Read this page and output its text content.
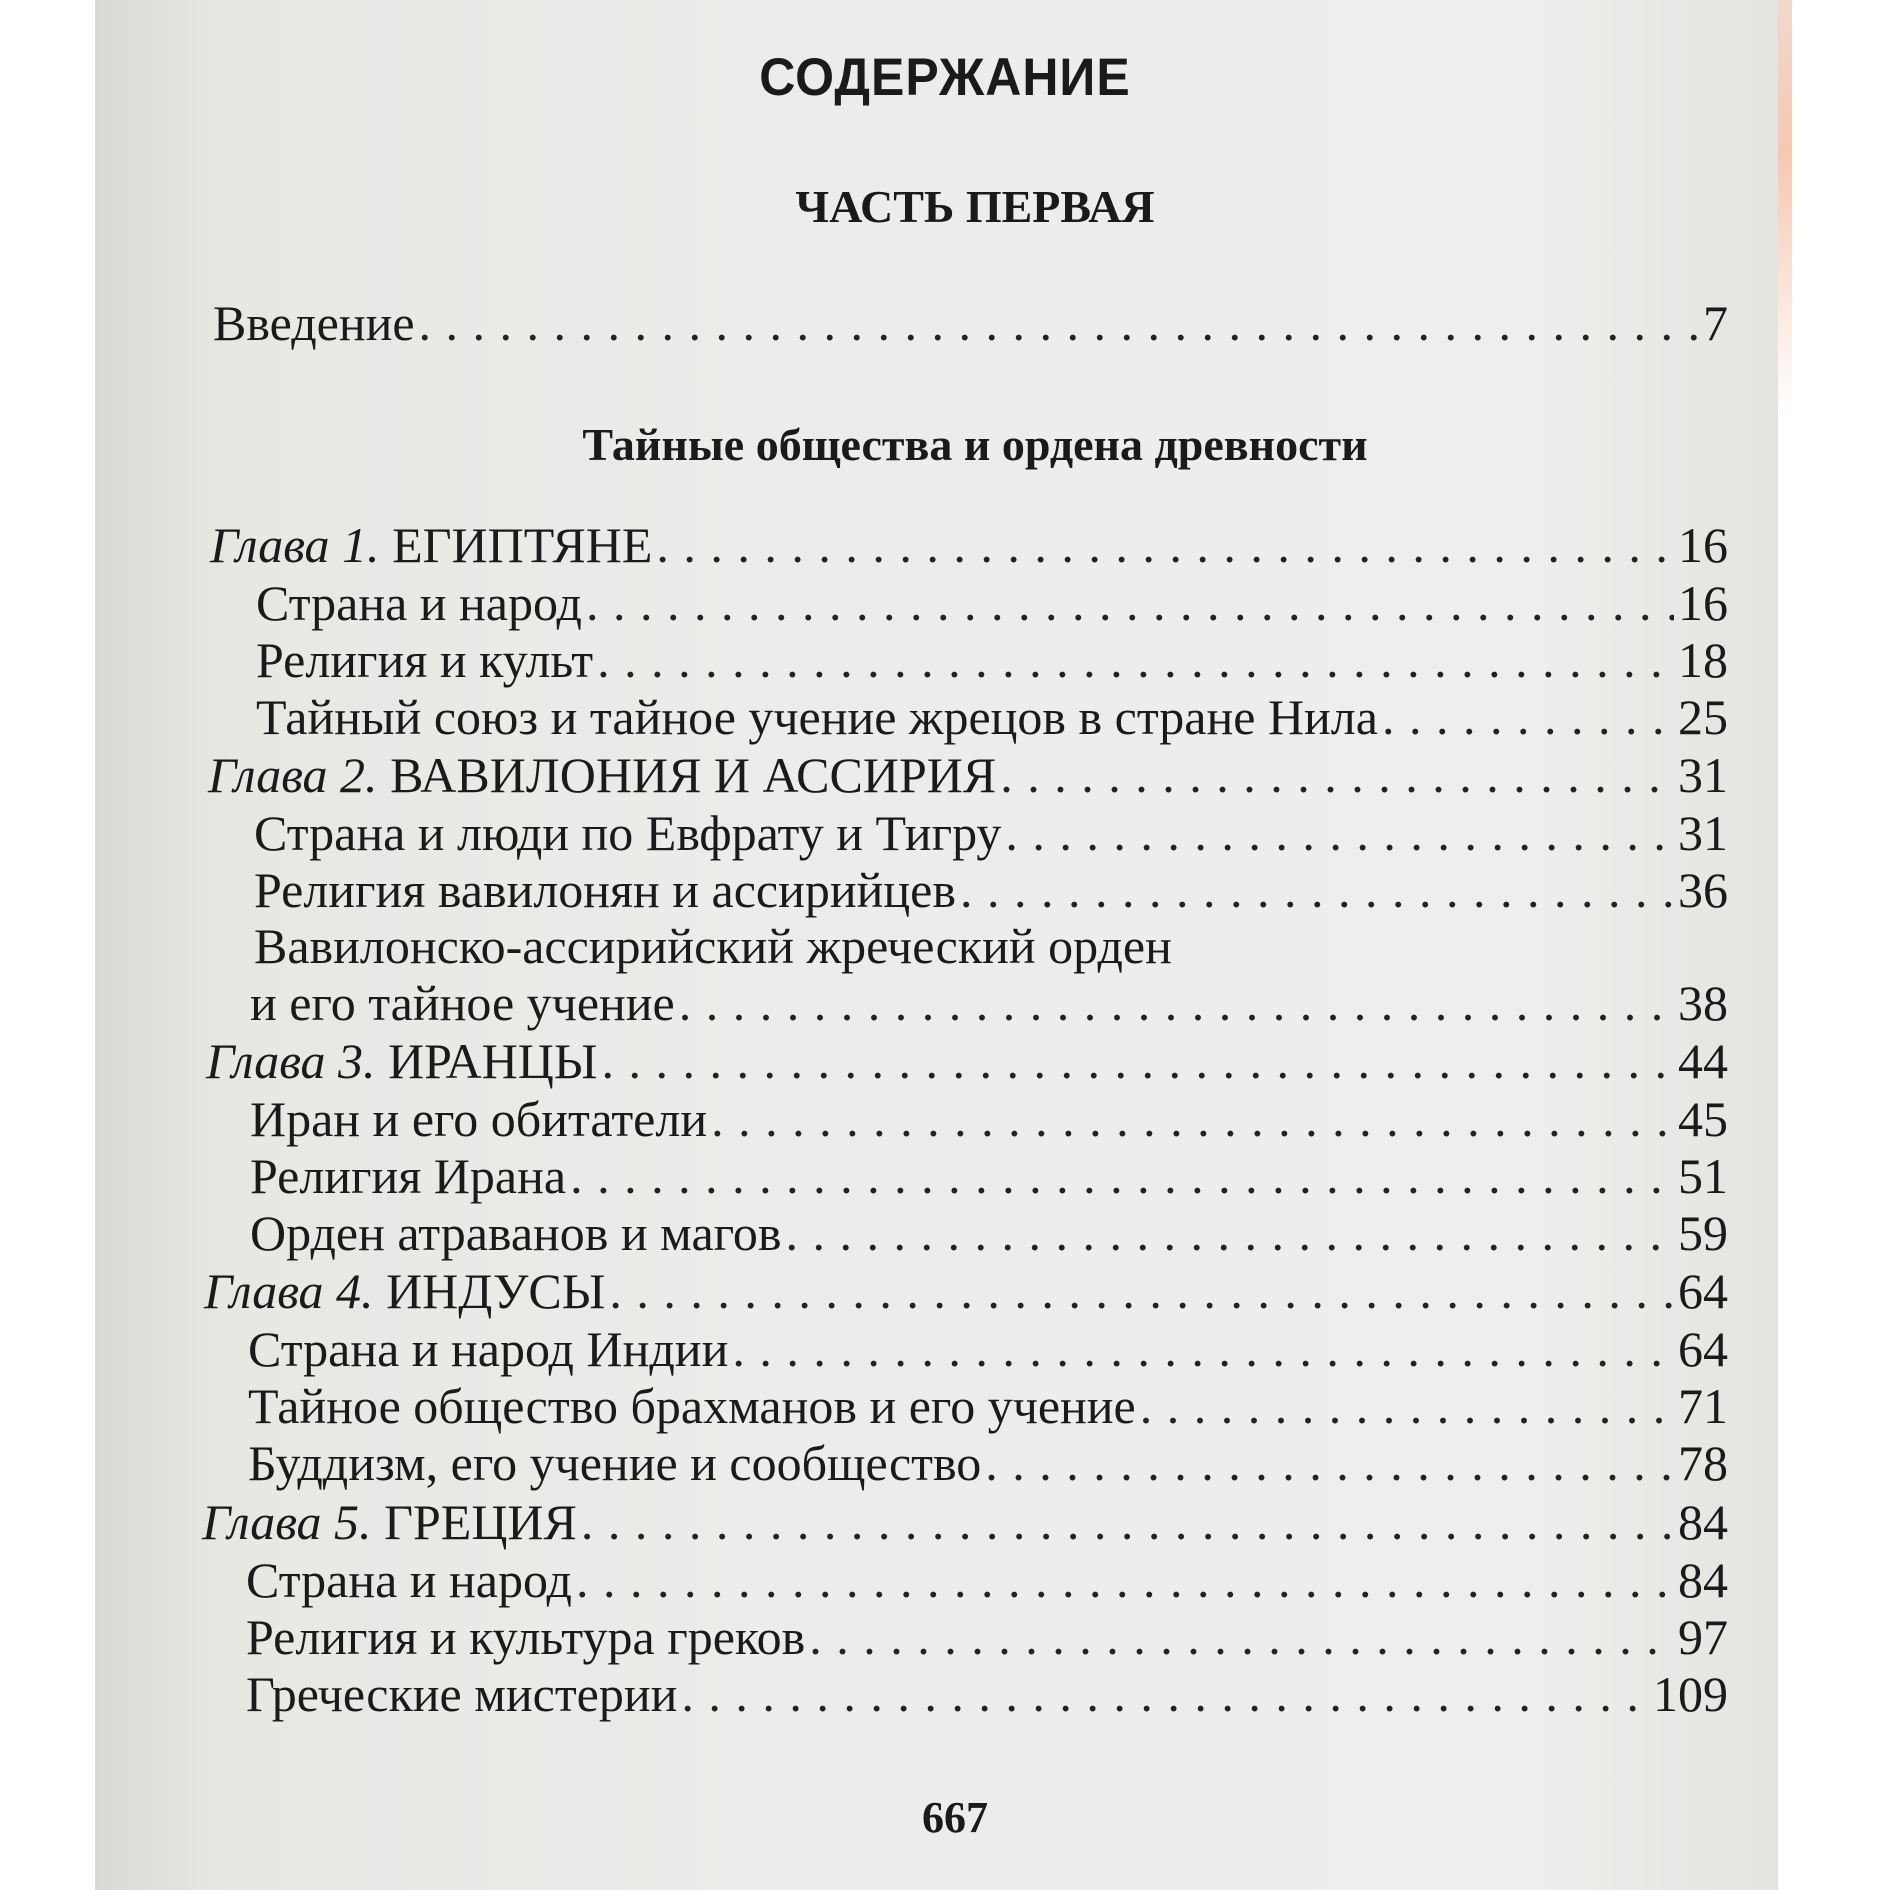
СОДЕРЖАНИЕ
ЧАСТЬ ПЕРВАЯ
Введение . . .	7
Тайные общества и ордена древности
Глава 1. ЕГИПТЯНЕ . . .	16
Страна и народ . . .	16
Религия и культ . . .	18
Тайный союз и тайное учение жрецов в стране Нила . . .	25
Глава 2. ВАВИЛОНИЯ И АССИРИЯ . . .	31
Страна и люди по Евфрату и Тигру . . .	31
Религия вавилонян и ассирийцев . . .	36
Вавилонско-ассирийский жреческий орден
и его тайное учение . . .	38
Глава 3. ИРАНЦЫ . . .	44
Иран и его обитатели . . .	45
Религия Ирана . . .	51
Орден атраванов и магов . . .	59
Глава 4. ИНДУСЫ . . .	64
Страна и народ Индии . . .	64
Тайное общество брахманов и его учение . . .	71
Буддизм, его учение и сообщество . . .	78
Глава 5. ГРЕЦИЯ . . .	84
Страна и народ . . .	84
Религия и культура греков . . .	97
Греческие мистерии . . .	109
667
